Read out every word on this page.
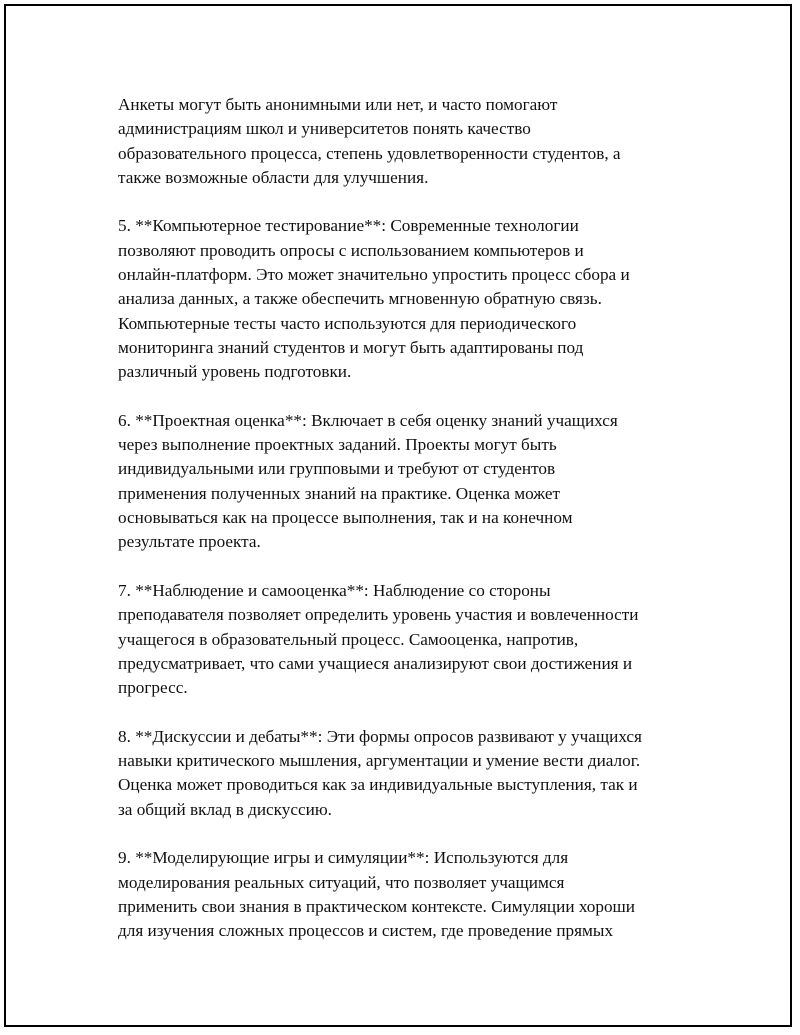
Анкеты могут быть анонимными или нет, и часто помогают
администрациям школ и университетов понять качество
образовательного процесса, степень удовлетворенности студентов, а
также возможные области для улучшения.

5. **Компьютерное тестирование**: Современные технологии
позволяют проводить опросы с использованием компьютеров и
онлайн-платформ. Это может значительно упростить процесс сбора и
анализа данных, а также обеспечить мгновенную обратную связь.
Компьютерные тесты часто используются для периодического
мониторинга знаний студентов и могут быть адаптированы под
различный уровень подготовки.

6. **Проектная оценка**: Включает в себя оценку знаний учащихся
через выполнение проектных заданий. Проекты могут быть
индивидуальными или групповыми и требуют от студентов
применения полученных знаний на практике. Оценка может
основываться как на процессе выполнения, так и на конечном
результате проекта.

7. **Наблюдение и самооценка**: Наблюдение со стороны
преподавателя позволяет определить уровень участия и вовлеченности
учащегося в образовательный процесс. Самооценка, напротив,
предусматривает, что сами учащиеся анализируют свои достижения и
прогресс.

8. **Дискуссии и дебаты**: Эти формы опросов развивают у учащихся
навыки критического мышления, аргументации и умение вести диалог.
Оценка может проводиться как за индивидуальные выступления, так и
за общий вклад в дискуссию.

9. **Моделирующие игры и симуляции**: Используются для
моделирования реальных ситуаций, что позволяет учащимся
применить свои знания в практическом контексте. Симуляции хороши
для изучения сложных процессов и систем, где проведение прямых
